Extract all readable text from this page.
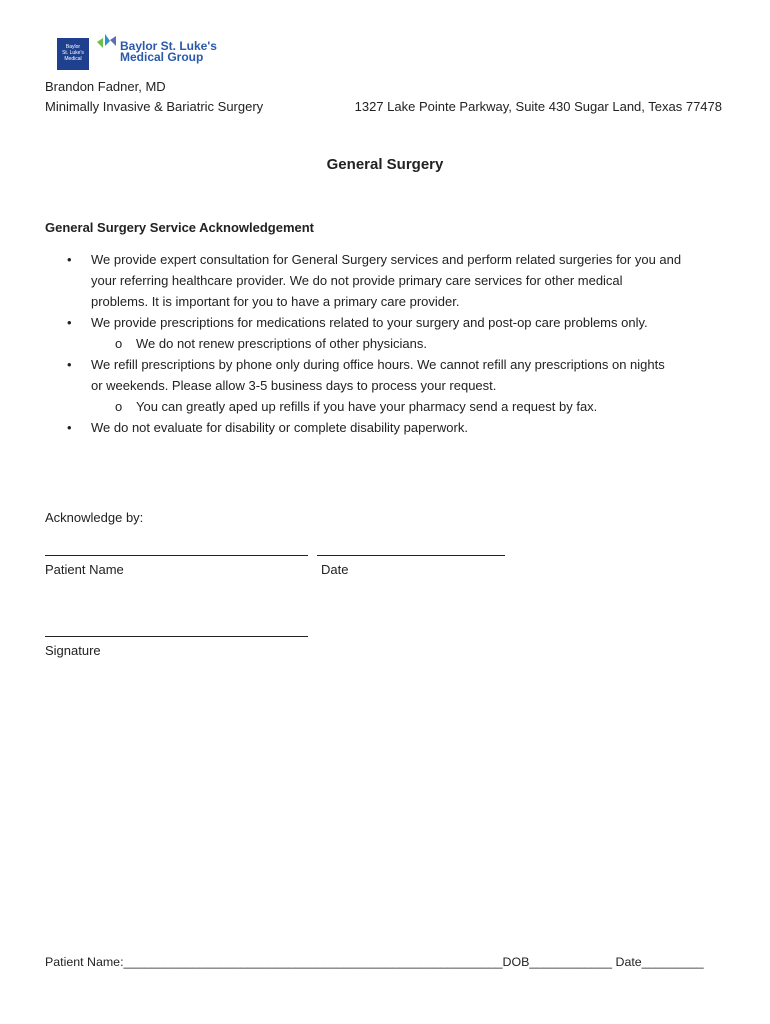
Baylor
St. Luke's
Medical
Baylor St. Luke's
Medical Group
Brandon Fadner, MD
Minimally Invasive & Bariatric Surgery	1327 Lake Pointe Parkway, Suite 430 Sugar Land, Texas 77478
General Surgery
General Surgery Service Acknowledgement
• We provide expert consultation for General Surgery services and perform related surgeries for you and
your referring healthcare provider. We do not provide primary care services for other medical
problems. It is important for you to have a primary care provider.
• We provide prescriptions for medications related to your surgery and post-op care problems only.
o We do not renew prescriptions of other physicians.
• We refill prescriptions by phone only during office hours. We cannot refill any prescriptions on nights
or weekends. Please allow 3-5 business days to process your request.
o You can greatly aped up refills if you have your pharmacy send a request by fax.
• We do not evaluate for disability or complete disability paperwork.
Acknowledge by:
Patient Name	Date
Signature
Patient Name:_______________________________________________________DOB____________ Date_________
